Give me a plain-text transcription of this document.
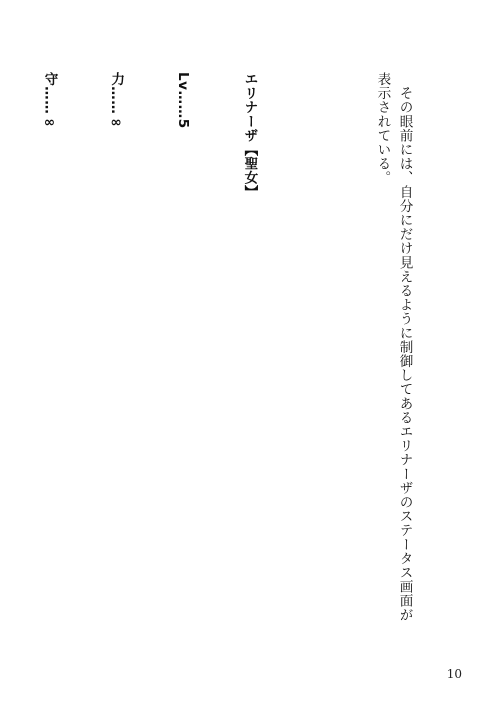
　その眼前には、自分にだけ見えるように制御してあるエリナーザのステータス画面が表示されている。

エリナーザ【聖女】

Lv……5

力……∞

守……∞

10
